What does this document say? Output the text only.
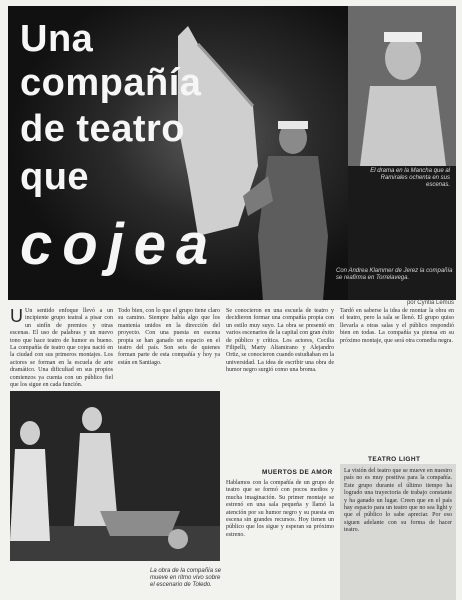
Una
compañía
de teatro
que
cojea
El drama en la Mancha que al Ramirales ochenta en sus escenas.
Con Andrea Klammer de Jerez la compañía se reafirma en Torrelavega.
por Cyntia Lemus
U Un sentido enfoque llevó a un incipiente grupo teatral a pisar con un sinfín de premios y otras escenas. El uso de palabras y un nuevo tono que hace teatro de humor es bueno. La compañía de teatro que cojea nació en la ciudad con sus primeros montajes. Los actores se forman en la escuela de arte dramático. Una dificultad en sus propios comienzos ya cuenta con un público fiel que los sigue en cada función.
Todo bien, con lo que el grupo tiene claro su camino. Siempre había algo que los mantenía unidos en la dirección del proyecto. Con una puesta en escena propia se han ganado un espacio en el teatro del país. Son seis de quienes forman parte de esta compañía y hoy ya están en Santiago.
Se conocieron en una escuela de teatro y decidieron formar una compañía propia con un estilo muy suyo. La obra se presentó en varios escenarios de la capital con gran éxito de público y crítica. Los actores, Cecilia Filipelli, Marty Altamirano y Alejandro Ortiz, se conocieron cuando estudiaban en la universidad. La idea de escribir una obra de humor negro surgió como una broma.
Tardó en saberse la idea de montar la obra en el teatro, pero la sala se llenó. El grupo quiso llevarla a otras salas y el público respondió bien en todas. La compañía ya piensa en su próximo montaje, que será otra comedia negra.
La obra de la compañía se mueve en ritmo vivo sobre el escenario de Toledo.
MUERTOS DE AMOR
Hablamos con la compañía de un grupo de teatro que se formó con pocos medios y mucha imaginación. Su primer montaje se estrenó en una sala pequeña y llamó la atención por su humor negro y su puesta en escena sin grandes recursos. Hoy tienen un público que los sigue y esperan su próximo estreno.
TEATRO LIGHT
La visión del teatro que se mueve en nuestro país no es muy positiva para la compañía. Este grupo durante el último tiempo ha logrado una trayectoria de trabajo constante y ha ganado un lugar. Creen que en el país hay espacio para un teatro que no sea light y que el público lo sabe apreciar. Por eso siguen adelante con su forma de hacer teatro.
